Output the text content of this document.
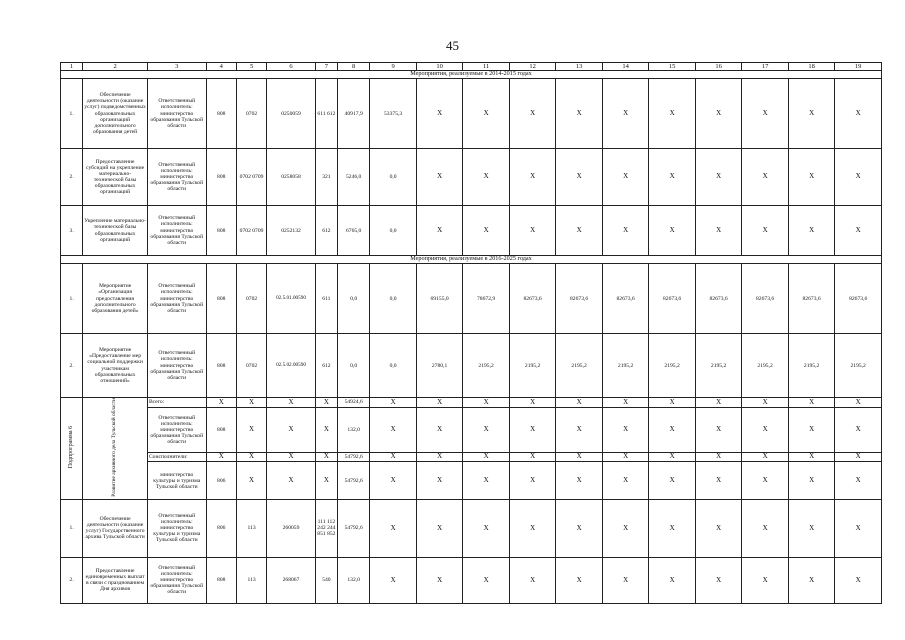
45
1	2	3	4	5	6	7	8	9	10	11	12	13	14	15	16	17	18	19
Мероприятия, реализуемые в 2014-2015 годах																		
1.	Обеспечение деятельности (оказание услуг) подведомственных образовательных организаций дополнительного образования детей	Ответственный исполнитель: министерство образования Тульской области	808	0702	0250059	611 612	40917,9	53375,3	Х	Х	Х	Х	Х	Х	Х	Х	Х	Х
2.	Предоставление субсидий на укрепление материально-технической базы образовательных организаций	Ответственный исполнитель: министерство образования Тульской области	808	0702 0709	0258058	321	5246,0	0,0	Х	Х	Х	Х	Х	Х	Х	Х	Х	Х
3.	Укрепление материально-технической базы образовательных организаций	Ответственный исполнитель: министерство образования Тульской области	808	0702 0709	0252132	612	6765,0	0,0	Х	Х	Х	Х	Х	Х	Х	Х	Х	Х
Мероприятия, реализуемые в 2016-2025 годах																		
1.	Мероприятие «Организация предоставления дополнительного образования детей»	Ответственный исполнитель: министерство образования Тульской области	808	0702	02.5.01.00590	611	0,0	0,0	69155,0	78672,9	82673,6	82673,6	82673,6	82673,6	82673,6	82673,6	82673,6	82673,6
2.	Мероприятие «Предоставление мер социальной поддержки участникам образовательных отношений»	Ответственный исполнитель: министерство образования Тульской области	808	0702	02.5.02.00590	612	0,0	0,0	2780,1	2195,2	2195,2	2195,2	2195,2	2195,2	2195,2	2195,2	2195,2	2195,2
Подпрограмма 6	Развитие архивного дела Тульской области	Всего:	Х	Х	Х	Х	54924,6	Х	Х	Х	Х	Х	Х	Х	Х	Х	Х	Х
		Ответственный исполнитель: министерство образования Тульской области	808	Х	Х	Х	132,0	Х	Х	Х	Х	Х	Х	Х	Х	Х	Х	Х
		Соисполнители:	Х	Х	Х	Х	54792,6	Х	Х	Х	Х	Х	Х	Х	Х	Х	Х	Х
		министерство культуры и туризма Тульской области	806	Х	Х	Х	54792,6	Х	Х	Х	Х	Х	Х	Х	Х	Х	Х	Х
1.	Обеспечение деятельности (оказание услуг) Государственного архива Тульской области	Ответственный исполнитель: министерство культуры и туризма Тульской области	806	113	260059	111 112 242 244 851 852	54792,6	Х	Х	Х	Х	Х	Х	Х	Х	Х	Х	Х
2.	Предоставление единовременных выплат в связи с празднованием Дня архивов	Ответственный исполнитель: министерство образования Тульской области	808	113	268067	540	132,0	Х	Х	Х	Х	Х	Х	Х	Х	Х	Х	Х
